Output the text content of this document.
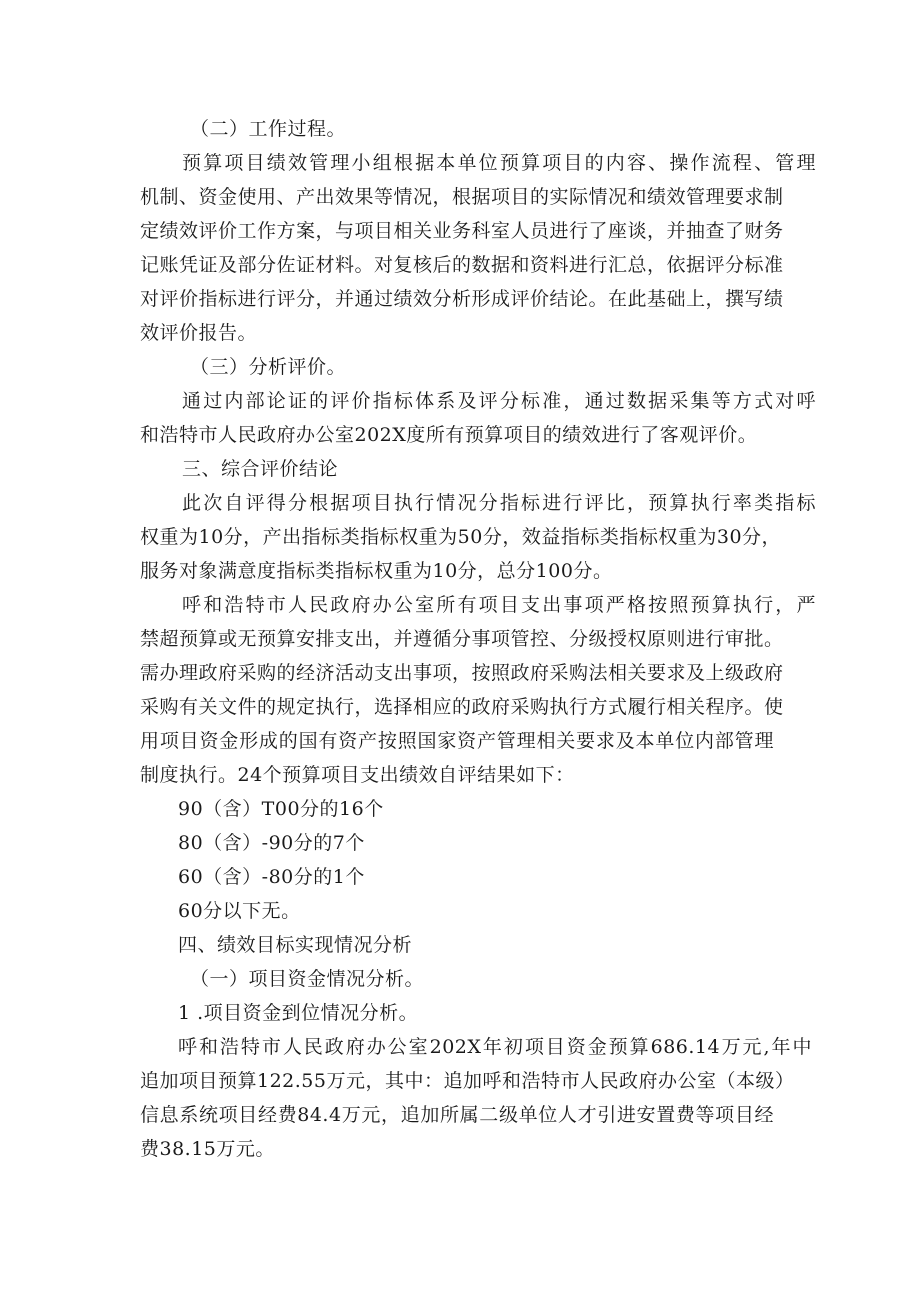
（二）工作过程。
预算项目绩效管理小组根据本单位预算项目的内容、操作流程、管理
机制、资金使用、产出效果等情况，根据项目的实际情况和绩效管理要求制
定绩效评价工作方案，与项目相关业务科室人员进行了座谈，并抽查了财务
记账凭证及部分佐证材料。对复核后的数据和资料进行汇总，依据评分标准
对评价指标进行评分，并通过绩效分析形成评价结论。在此基础上，撰写绩
效评价报告。
（三）分析评价。
通过内部论证的评价指标体系及评分标准，通过数据采集等方式对呼
和浩特市人民政府办公室202X度所有预算项目的绩效进行了客观评价。
三、综合评价结论
此次自评得分根据项目执行情况分指标进行评比，预算执行率类指标
权重为10分，产出指标类指标权重为50分，效益指标类指标权重为30分，
服务对象满意度指标类指标权重为10分，总分100分。
呼和浩特市人民政府办公室所有项目支出事项严格按照预算执行，严
禁超预算或无预算安排支出，并遵循分事项管控、分级授权原则进行审批。
需办理政府采购的经济活动支出事项，按照政府采购法相关要求及上级政府
采购有关文件的规定执行，选择相应的政府采购执行方式履行相关程序。使
用项目资金形成的国有资产按照国家资产管理相关要求及本单位内部管理
制度执行。24个预算项目支出绩效自评结果如下：
90（含）T00分的16个
80（含）-90分的7个
60（含）-80分的1个
60分以下无。
四、绩效目标实现情况分析
（一）项目资金情况分析。
1 .项目资金到位情况分析。
呼和浩特市人民政府办公室202X年初项目资金预算686.14万元,年中
追加项目预算122.55万元，其中：追加呼和浩特市人民政府办公室（本级）
信息系统项目经费84.4万元，追加所属二级单位人才引进安置费等项目经
费38.15万元。
